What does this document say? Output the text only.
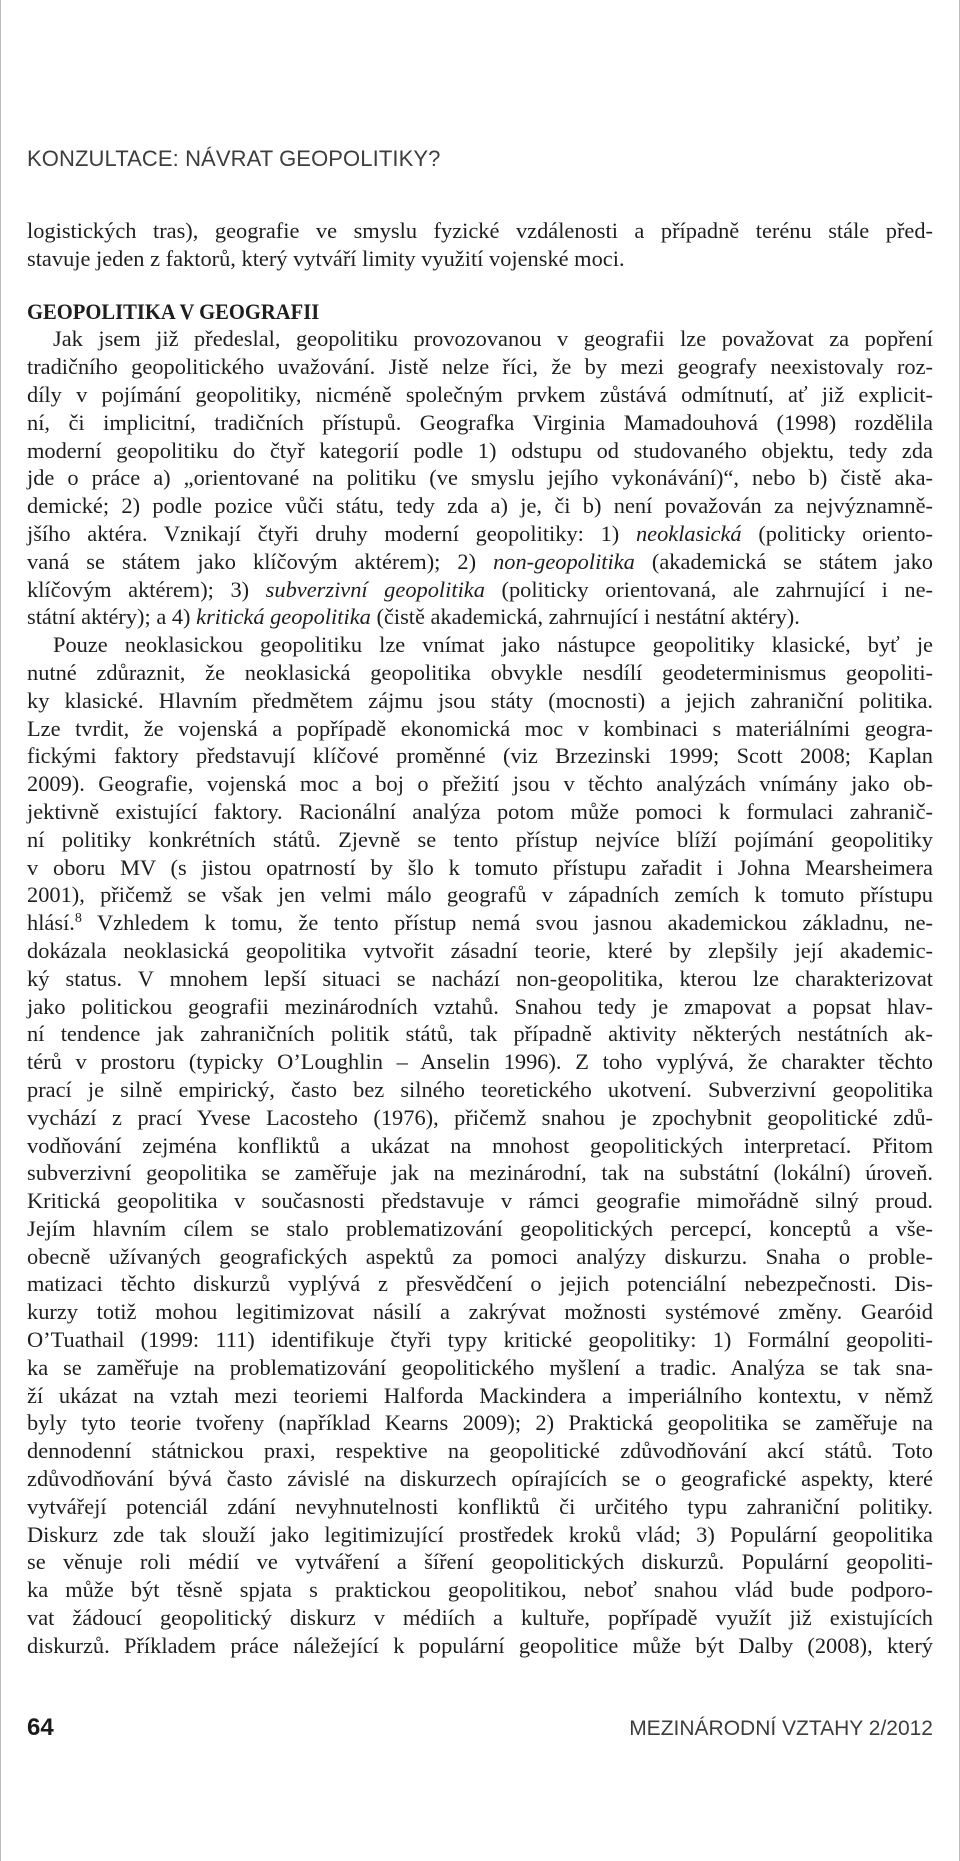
KONZULTACE: NÁVRAT GEOPOLITIKY?
logistických tras), geografie ve smyslu fyzické vzdálenosti a případně terénu stále před-
stavuje jeden z faktorů, který vytváří limity využití vojenské moci.
GEOPOLITIKA V GEOGRAFII
Jak jsem již předeslal, geopolitiku provozovanou v geografii lze považovat za popření
tradičního geopolitického uvažování. Jistě nelze říci, že by mezi geografy neexistovaly roz-
díly v pojímání geopolitiky, nicméně společným prvkem zůstává odmítnutí, ať již explicit-
ní, či implicitní, tradičních přístupů. Geografka Virginia Mamadouhová (1998) rozdělila
moderní geopolitiku do čtyř kategorií podle 1) odstupu od studovaného objektu, tedy zda
jde o práce a) „orientované na politiku (ve smyslu jejího vykonávání)“, nebo b) čistě aka-
demické; 2) podle pozice vůči státu, tedy zda a) je, či b) není považován za nejvýznamně-
jšího aktéra. Vznikají čtyři druhy moderní geopolitiky: 1) neoklasická (politicky oriento-
vaná se státem jako klíčovým aktérem); 2) non-geopolitika (akademická se státem jako
klíčovým aktérem); 3) subverzivní geopolitika (politicky orientovaná, ale zahrnující i ne-
státní aktéry); a 4) kritická geopolitika (čistě akademická, zahrnující i nestátní aktéry).
Pouze neoklasickou geopolitiku lze vnímat jako nástupce geopolitiky klasické, byť je
nutné zdůraznit, že neoklasická geopolitika obvykle nesdílí geodeterminismus geopoliti-
ky klasické. Hlavním předmětem zájmu jsou státy (mocnosti) a jejich zahraniční politika.
Lze tvrdit, že vojenská a popřípadě ekonomická moc v kombinaci s materiálními geogra-
fickými faktory představují klíčové proměnné (viz Brzezinski 1999; Scott 2008; Kaplan
2009). Geografie, vojenská moc a boj o přežití jsou v těchto analýzách vnímány jako ob-
jektivně existující faktory. Racionální analýza potom může pomoci k formulaci zahranič-
ní politiky konkrétních států. Zjevně se tento přístup nejvíce blíží pojímání geopolitiky
v oboru MV (s jistou opatrností by šlo k tomuto přístupu zařadit i Johna Mearsheimera
2001), přičemž se však jen velmi málo geografů v západních zemích k tomuto přístupu
hlásí.$^8$ Vzhledem k tomu, že tento přístup nemá svou jasnou akademickou základnu, ne-
dokázala neoklasická geopolitika vytvořit zásadní teorie, které by zlepšily její akademic-
ký status. V mnohem lepší situaci se nachází non-geopolitika, kterou lze charakterizovat
jako politickou geografii mezinárodních vztahů. Snahou tedy je zmapovat a popsat hlav-
ní tendence jak zahraničních politik států, tak případně aktivity některých nestátních ak-
térů v prostoru (typicky O’Loughlin – Anselin 1996). Z toho vyplývá, že charakter těchto
prací je silně empirický, často bez silného teoretického ukotvení. Subverzivní geopolitika
vychází z prací Yvese Lacosteho (1976), přičemž snahou je zpochybnit geopolitické zdů-
vodňování zejména konfliktů a ukázat na mnohost geopolitických interpretací. Přitom
subverzivní geopolitika se zaměřuje jak na mezinárodní, tak na substátní (lokální) úroveň.
Kritická geopolitika v současnosti představuje v rámci geografie mimořádně silný proud.
Jejím hlavním cílem se stalo problematizování geopolitických percepcí, konceptů a vše-
obecně užívaných geografických aspektů za pomoci analýzy diskurzu. Snaha o proble-
matizaci těchto diskurzů vyplývá z přesvědčení o jejich potenciální nebezpečnosti. Dis-
kurzy totiž mohou legitimizovat násilí a zakrývat možnosti systémové změny. Gearóid
O’Tuathail (1999: 111) identifikuje čtyři typy kritické geopolitiky: 1) Formální geopoliti-
ka se zaměřuje na problematizování geopolitického myšlení a tradic. Analýza se tak sna-
ží ukázat na vztah mezi teoriemi Halforda Mackindera a imperiálního kontextu, v němž
byly tyto teorie tvořeny (například Kearns 2009); 2) Praktická geopolitika se zaměřuje na
dennodenní státnickou praxi, respektive na geopolitické zdůvodňování akcí států. Toto
zdůvodňování bývá často závislé na diskurzech opírajících se o geografické aspekty, které
vytvářejí potenciál zdání nevyhnutelnosti konfliktů či určitého typu zahraniční politiky.
Diskurz zde tak slouží jako legitimizující prostředek kroků vlád; 3) Populární geopolitika
se věnuje roli médií ve vytváření a šíření geopolitických diskurzů. Populární geopoliti-
ka může být těsně spjata s praktickou geopolitikou, neboť snahou vlád bude podporo-
vat žádoucí geopolitický diskurz v médiích a kultuře, popřípadě využít již existujících
diskurzů. Příkladem práce náležející k populární geopolitice může být Dalby (2008), který
64	MEZINÁRODNÍ VZTAHY 2/2012
